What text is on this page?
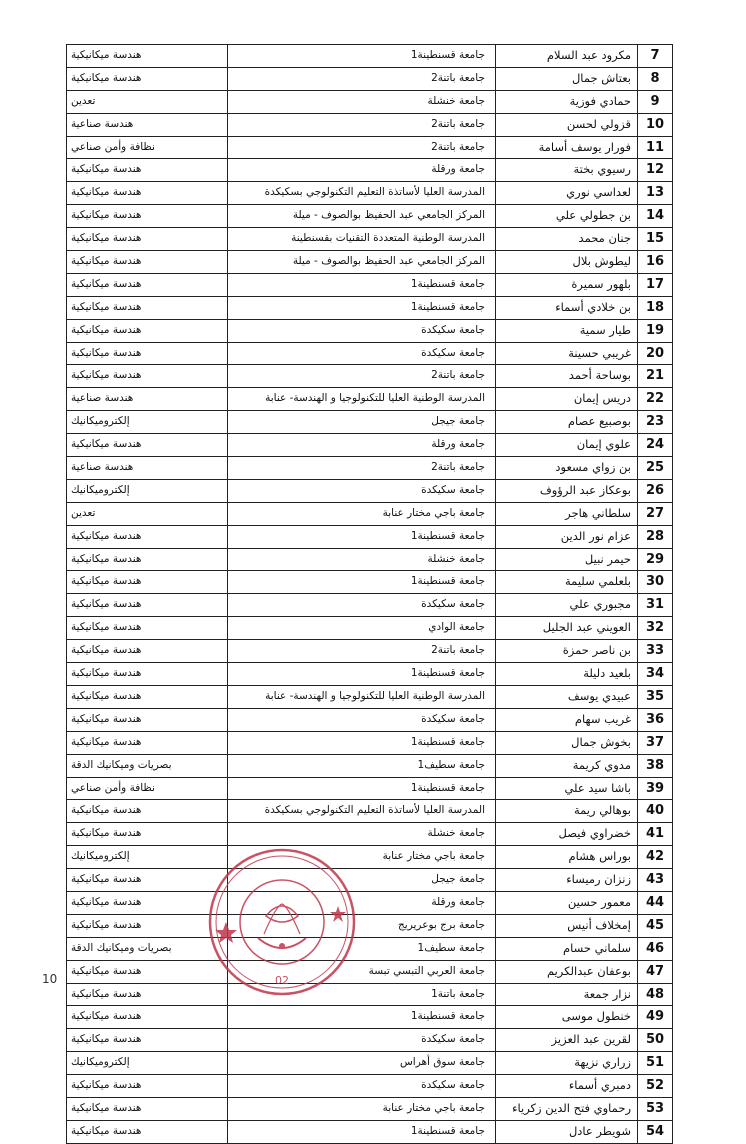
7
مكرود عبد السلام
جامعة قسنطينة1
هندسة ميكانيكية
8
بعتاش جمال
جامعة باتنة2
هندسة ميكانيكية
9
حمادي فوزية
جامعة خنشلة
تعدين
10
قزولي لحسن
جامعة باتنة2
هندسة صناعية
11
فورار يوسف أسامة
جامعة باتنة2
نظافة وأمن صناعي
12
رسيوي بختة
جامعة ورقلة
هندسة ميكانيكية
13
لعداسي نوري
المدرسة العليا لأساتذة التعليم التكنولوجي بسكيكدة
هندسة ميكانيكية
14
بن جطولي علي
المركز الجامعي عبد الحفيظ بوالصوف - ميلة
هندسة ميكانيكية
15
جنان محمد
المدرسة الوطنية المتعددة التقنيات بقسنطينة
هندسة ميكانيكية
16
ليطوش بلال
المركز الجامعي عبد الحفيظ بوالصوف - ميلة
هندسة ميكانيكية
17
بلهور سميرة
جامعة قسنطينة1
هندسة ميكانيكية
18
بن خلادي أسماء
جامعة قسنطينة1
هندسة ميكانيكية
19
طيار سمية
جامعة سكيكدة
هندسة ميكانيكية
20
غريبي حسينة
جامعة سكيكدة
هندسة ميكانيكية
21
بوساحة أحمد
جامعة باتنة2
هندسة ميكانيكية
22
دريس إيمان
المدرسة الوطنية العليا للتكنولوجيا و الهندسة- عنابة
هندسة صناعية
23
بوصبيع عصام
جامعة جيجل
إلكتروميكانيك
24
علوي إيمان
جامعة ورقلة
هندسة ميكانيكية
25
بن زواي مسعود
جامعة باتنة2
هندسة صناعية
26
بوعكاز عبد الرؤوف
جامعة سكيكدة
إلكتروميكانيك
27
سلطاني هاجر
جامعة باجي مختار عنابة
تعدين
28
عزام نور الدين
جامعة قسنطينة1
هندسة ميكانيكية
29
حيمر نبيل
جامعة خنشلة
هندسة ميكانيكية
30
بلعلمي سليمة
جامعة قسنطينة1
هندسة ميكانيكية
31
مجبوري علي
جامعة سكيكدة
هندسة ميكانيكية
32
العويني عبد الجليل
جامعة الوادي
هندسة ميكانيكية
33
بن ناصر حمزة
جامعة باتنة2
هندسة ميكانيكية
34
بلعيد دليلة
جامعة قسنطينة1
هندسة ميكانيكية
35
عبيدي يوسف
المدرسة الوطنية العليا للتكنولوجيا و الهندسة- عنابة
هندسة ميكانيكية
36
غريب سهام
جامعة سكيكدة
هندسة ميكانيكية
37
بخوش جمال
جامعة قسنطينة1
هندسة ميكانيكية
38
مدوي كريمة
جامعة سطيف1
بصريات وميكانيك الدقة
39
باشا سيد علي
جامعة قسنطينة1
نظافة وأمن صناعي
40
بوهالي ريمة
المدرسة العليا لأساتذة التعليم التكنولوجي بسكيكدة
هندسة ميكانيكية
41
خضراوي فيصل
جامعة خنشلة
هندسة ميكانيكية
42
بوراس هشام
جامعة باجي مختار عنابة
إلكتروميكانيك
43
زنزان رميساء
جامعة جيجل
هندسة ميكانيكية
44
معمور حسين
جامعة ورقلة
هندسة ميكانيكية
45
إمخلاف أنيس
جامعة برج بوعريريج
هندسة ميكانيكية
46
سلماني حسام
جامعة سطيف1
بصريات وميكانيك الدقة
47
بوعفان عبدالكريم
جامعة العربي التبسي تبسة
هندسة ميكانيكية
48
نزار جمعة
جامعة باتنة1
هندسة ميكانيكية
49
خنطول موسى
جامعة قسنطينة1
هندسة ميكانيكية
50
لقرين عبد العزيز
جامعة سكيكدة
هندسة ميكانيكية
51
زراري نزيهة
جامعة سوق أهراس
إلكتروميكانيك
52
دمبري أسماء
جامعة سكيكدة
هندسة ميكانيكية
53
رحماوي فتح الدين زكرياء
جامعة باجي مختار عنابة
هندسة ميكانيكية
54
شويطر عادل
جامعة قسنطينة1
هندسة ميكانيكية
10	02
